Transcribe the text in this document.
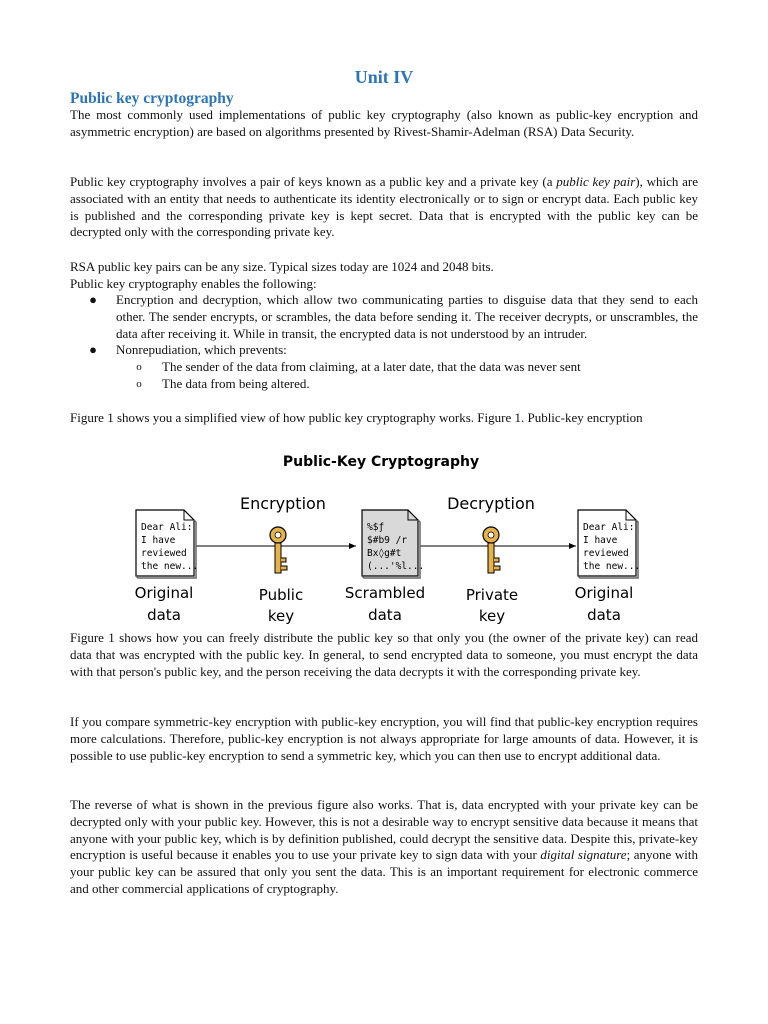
Unit IV
Public key cryptography
The most commonly used implementations of public key cryptography (also known as public-key encryption and asymmetric encryption) are based on algorithms presented by Rivest-Shamir-Adelman (RSA) Data Security.
Public key cryptography involves a pair of keys known as a public key and a private key (a public key pair), which are associated with an entity that needs to authenticate its identity electronically or to sign or encrypt data. Each public key is published and the corresponding private key is kept secret. Data that is encrypted with the public key can be decrypted only with the corresponding private key.
RSA public key pairs can be any size. Typical sizes today are 1024 and 2048 bits.
Public key cryptography enables the following:
●	Encryption and decryption, which allow two communicating parties to disguise data that they send to each other. The sender encrypts, or scrambles, the data before sending it. The receiver decrypts, or unscrambles, the data after receiving it. While in transit, the encrypted data is not understood by an intruder.
●	Nonrepudiation, which prevents:
o	The sender of the data from claiming, at a later date, that the data was never sent
o	The data from being altered.
Figure 1 shows you a simplified view of how public key cryptography works. Figure 1. Public-key encryption
Public-Key Cryptography
Encryption	Decryption
Dear Ali:
I have
reviewed
the new...
%$ƒ
$#b9 /r
Bx◊g#t
(...'%l...
Dear Ali:
I have
reviewed
the new...
Original
data
Public
key
Scrambled
data
Private
key
Original
data
Figure 1 shows how you can freely distribute the public key so that only you (the owner of the private key) can read data that was encrypted with the public key. In general, to send encrypted data to someone, you must encrypt the data with that person's public key, and the person receiving the data decrypts it with the corresponding private key.
If you compare symmetric-key encryption with public-key encryption, you will find that public-key encryption requires more calculations. Therefore, public-key encryption is not always appropriate for large amounts of data. However, it is possible to use public-key encryption to send a symmetric key, which you can then use to encrypt additional data.
The reverse of what is shown in the previous figure also works. That is, data encrypted with your private key can be decrypted only with your public key. However, this is not a desirable way to encrypt sensitive data because it means that anyone with your public key, which is by definition published, could decrypt the sensitive data. Despite this, private-key encryption is useful because it enables you to use your private key to sign data with your digital signature; anyone with your public key can be assured that only you sent the data. This is an important requirement for electronic commerce and other commercial applications of cryptography.
